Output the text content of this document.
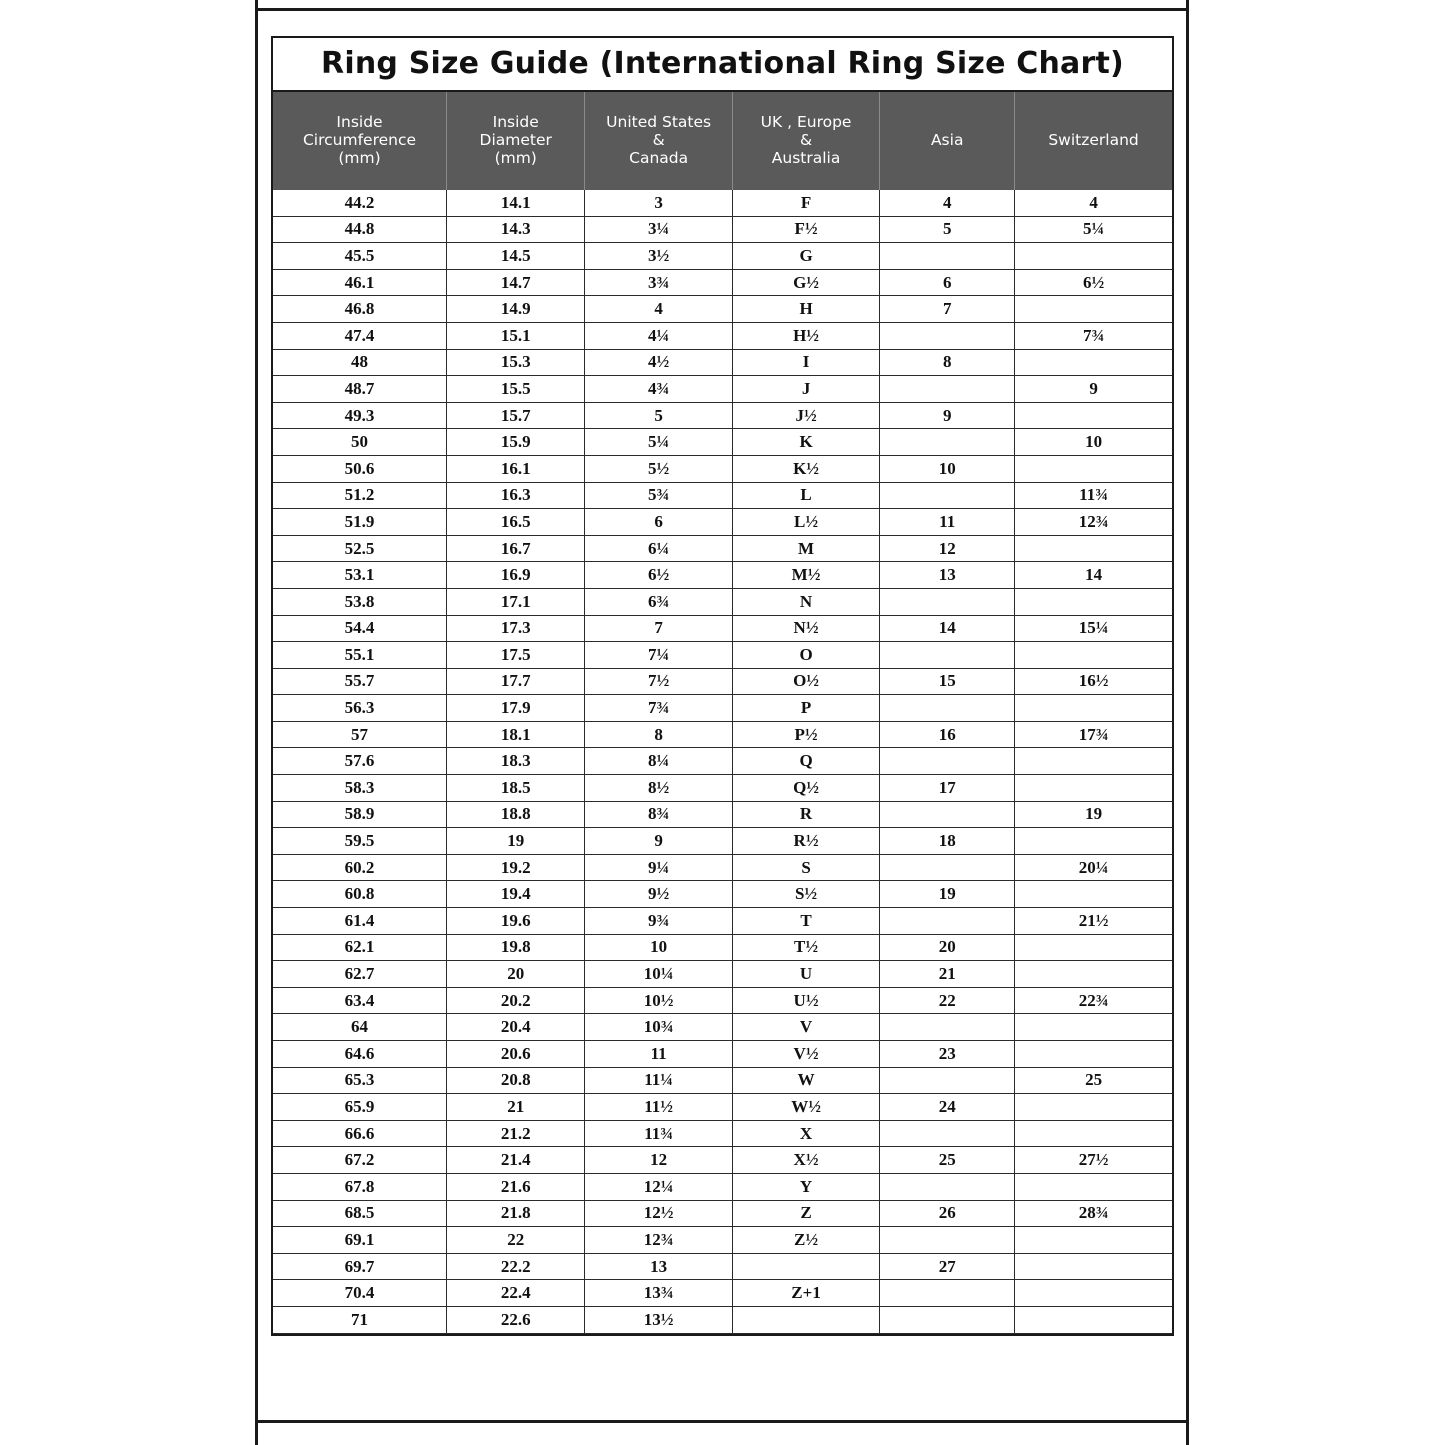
Ring Size Guide (International Ring Size Chart)
Inside
Circumference
(mm)

Inside
Diameter
(mm)

United States
&
Canada

UK , Europe
&
Australia

Asia	Switzerland

44.2	14.1	3	F	4	4
44.8	14.3	3¼	F½	5	5¼
45.5	14.5	3½	G		
46.1	14.7	3¾	G½	6	6½
46.8	14.9	4	H	7	
47.4	15.1	4¼	H½		7¾
48	15.3	4½	I	8	
48.7	15.5	4¾	J		9
49.3	15.7	5	J½	9	
50	15.9	5¼	K		10
50.6	16.1	5½	K½	10	
51.2	16.3	5¾	L		11¾
51.9	16.5	6	L½	11	12¾
52.5	16.7	6¼	M	12	
53.1	16.9	6½	M½	13	14
53.8	17.1	6¾	N		
54.4	17.3	7	N½	14	15¼
55.1	17.5	7¼	O		
55.7	17.7	7½	O½	15	16½
56.3	17.9	7¾	P		
57	18.1	8	P½	16	17¾
57.6	18.3	8¼	Q		
58.3	18.5	8½	Q½	17	
58.9	18.8	8¾	R		19
59.5	19	9	R½	18	
60.2	19.2	9¼	S		20¼
60.8	19.4	9½	S½	19	
61.4	19.6	9¾	T		21½
62.1	19.8	10	T½	20	
62.7	20	10¼	U	21	
63.4	20.2	10½	U½	22	22¾
64	20.4	10¾	V		
64.6	20.6	11	V½	23	
65.3	20.8	11¼	W		25
65.9	21	11½	W½	24	
66.6	21.2	11¾	X		
67.2	21.4	12	X½	25	27½
67.8	21.6	12¼	Y		
68.5	21.8	12½	Z	26	28¾
69.1	22	12¾	Z½		
69.7	22.2	13		27	
70.4	22.4	13¾	Z+1		
71	22.6	13½			
